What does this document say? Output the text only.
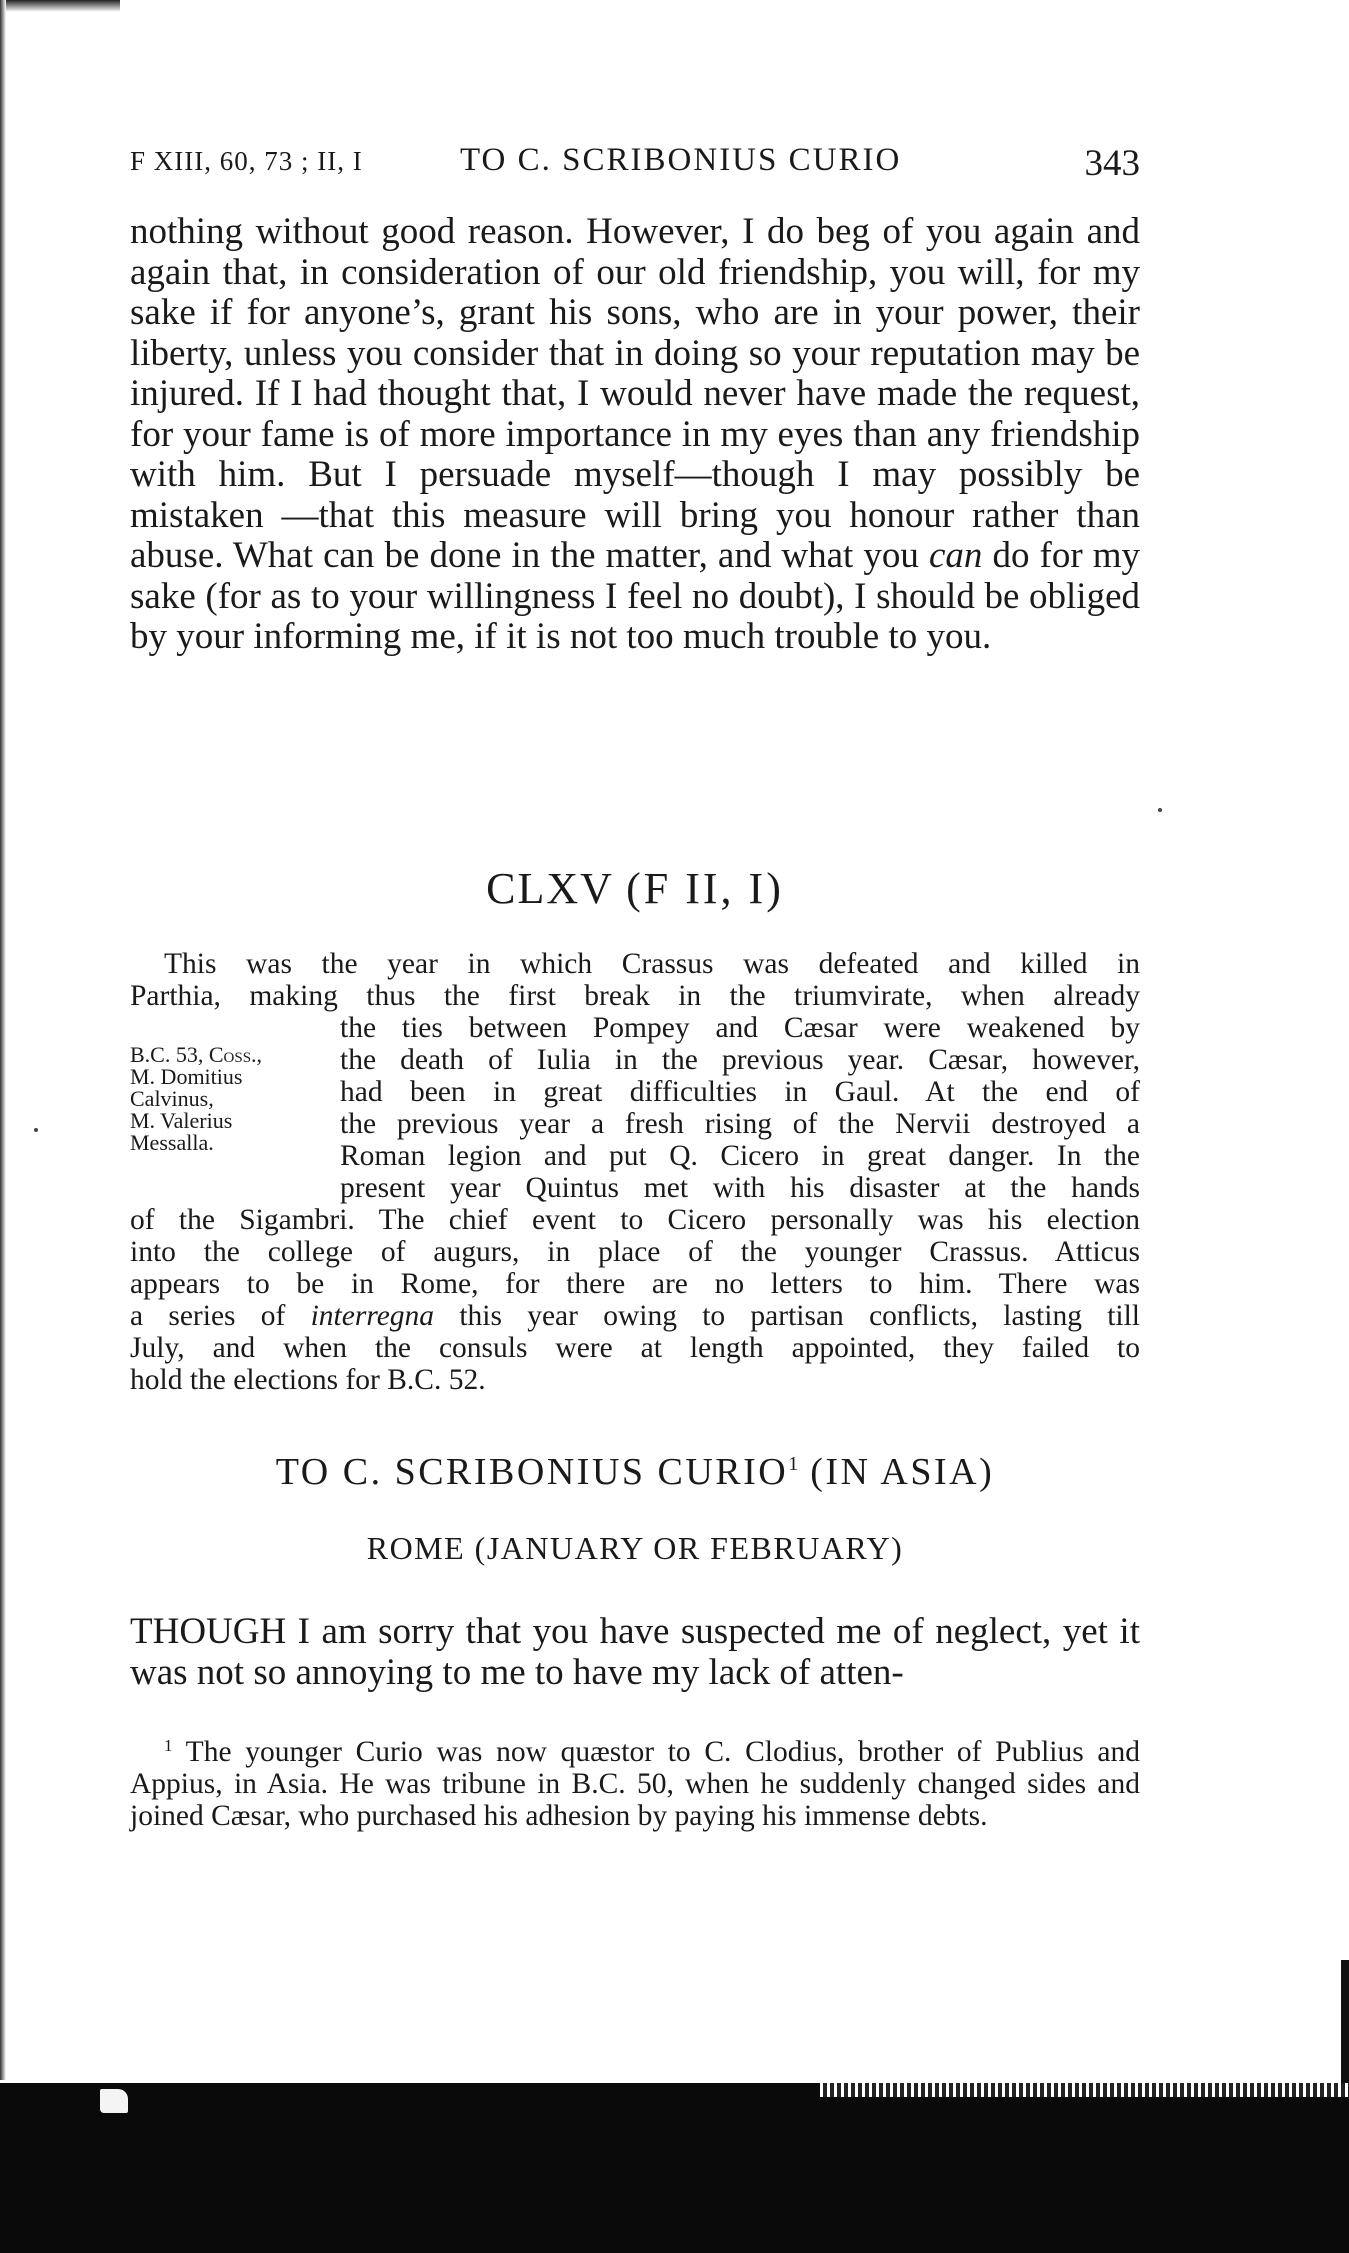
F XIII, 60, 73 ; II, I	TO C. SCRIBONIUS CURIO	343

nothing without good reason. However, I do beg of you again and again that, in consideration of our old friendship, you will, for my sake if for anyone’s, grant his sons, who are in your power, their liberty, unless you consider that in doing so your reputation may be injured. If I had thought that, I would never have made the request, for your fame is of more importance in my eyes than any friendship with him. But I persuade myself—though I may possibly be mistaken —that this measure will bring you honour rather than abuse. What can be done in the matter, and what you can do for my sake (for as to your willingness I feel no doubt), I should be obliged by your informing me, if it is not too much trouble to you.

CLXV (F II, I)
This was the year in which Crassus was defeated and killed in
Parthia, making thus the first break in the triumvirate, when already
B.C. 53, Coss.,
M. Domitius
Calvinus,
M. Valerius
Messalla.
the ties between Pompey and Cæsar were weakened by
the death of Iulia in the previous year. Cæsar, however,
had been in great difficulties in Gaul. At the end of
the previous year a fresh rising of the Nervii destroyed a
Roman legion and put Q. Cicero in great danger. In the
present year Quintus met with his disaster at the hands
of the Sigambri. The chief event to Cicero personally was his election
into the college of augurs, in place of the younger Crassus. Atticus
appears to be in Rome, for there are no letters to him. There was
a series of interregna this year owing to partisan conflicts, lasting till
July, and when the consuls were at length appointed, they failed to
hold the elections for B.C. 52.
TO C. SCRIBONIUS CURIO$^1$ (IN ASIA)
ROME (JANUARY OR FEBRUARY)

THOUGH I am sorry that you have suspected me of neglect, yet it was not so annoying to me to have my lack of atten-

$^1$ The younger Curio was now quæstor to C. Clodius, brother of Publius and Appius, in Asia. He was tribune in B.C. 50, when he suddenly changed sides and joined Cæsar, who purchased his adhesion by paying his immense debts.
